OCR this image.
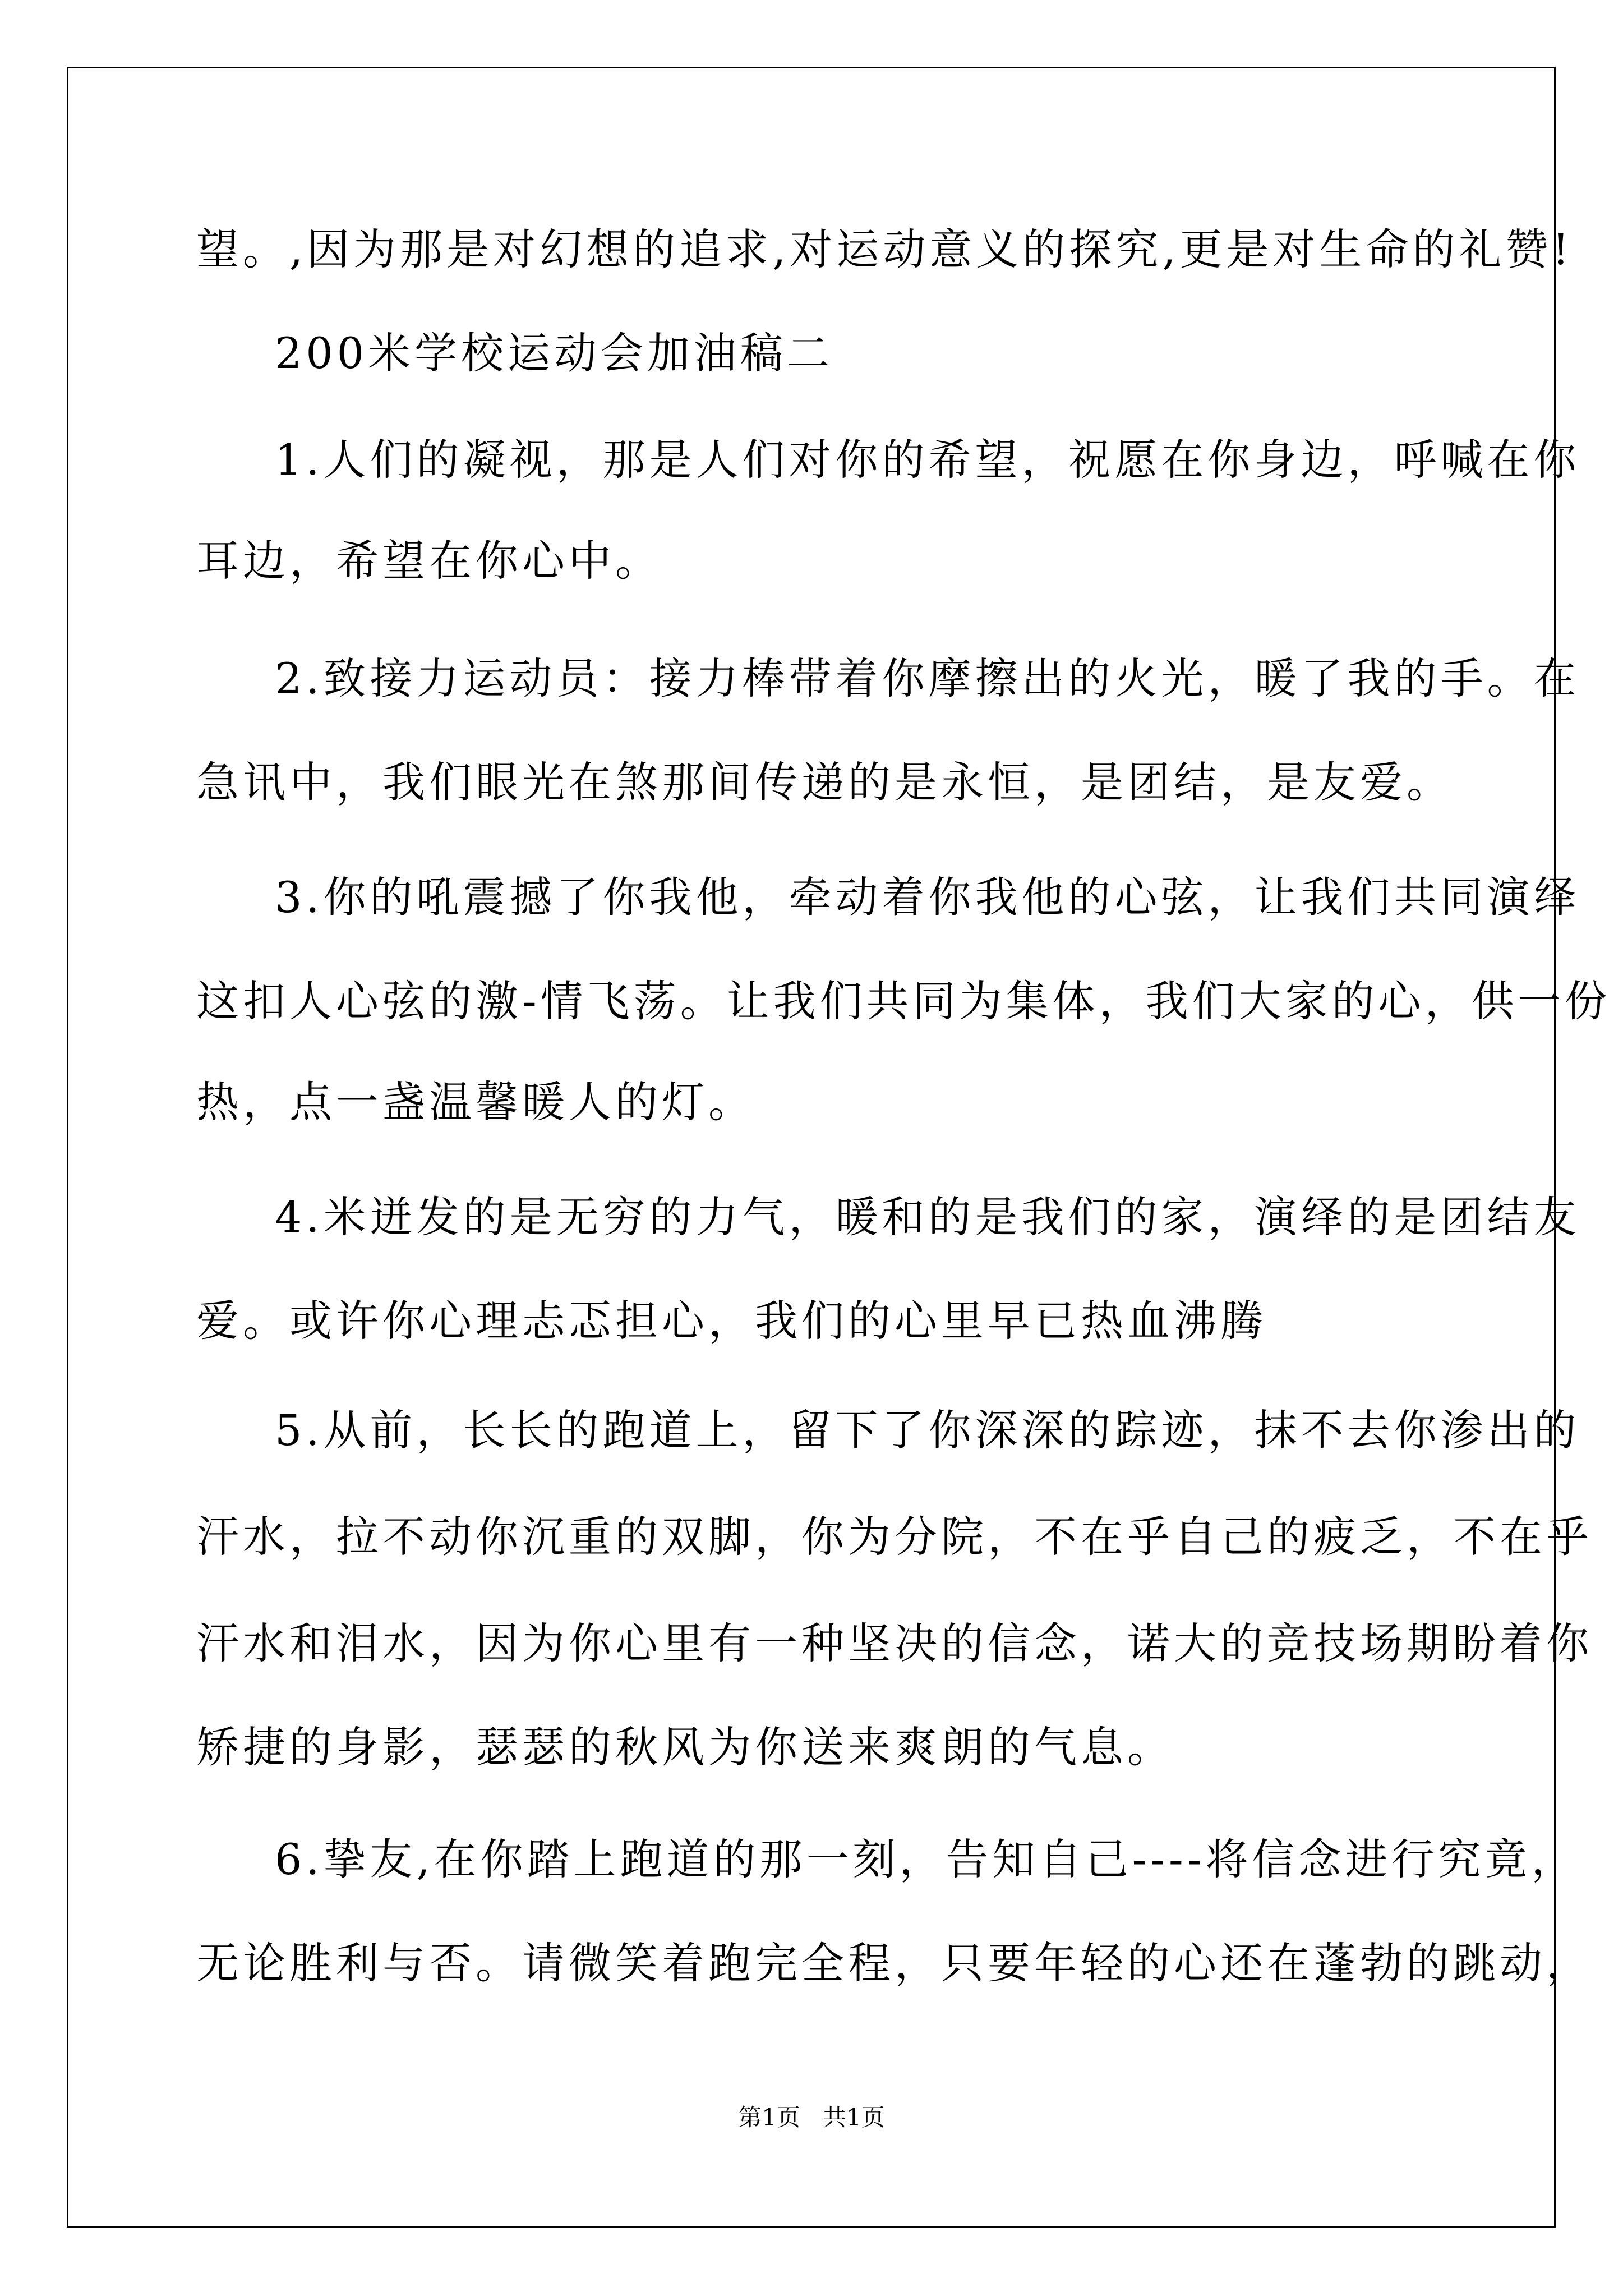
望。,因为那是对幻想的追求,对运动意义的探究,更是对生命的礼赞!
200米学校运动会加油稿二
1.人们的凝视，那是人们对你的希望，祝愿在你身边，呼喊在你
耳边，希望在你心中。
2.致接力运动员：接力棒带着你摩擦出的火光，暖了我的手。在
急讯中，我们眼光在煞那间传递的是永恒，是团结，是友爱。
3.你的吼震撼了你我他，牵动着你我他的心弦，让我们共同演绎
这扣人心弦的激-情飞荡。让我们共同为集体，我们大家的心，供一份
热，点一盏温馨暖人的灯。
4.米迸发的是无穷的力气，暖和的是我们的家，演绎的是团结友
爱。或许你心理忐忑担心，我们的心里早已热血沸腾
5.从前，长长的跑道上，留下了你深深的踪迹，抹不去你渗出的
汗水，拉不动你沉重的双脚，你为分院，不在乎自己的疲乏，不在乎
汗水和泪水，因为你心里有一种坚决的信念，诺大的竞技场期盼着你
矫捷的身影，瑟瑟的秋风为你送来爽朗的气息。
6.挚友,在你踏上跑道的那一刻，告知自己----将信念进行究竟，
无论胜利与否。请微笑着跑完全程，只要年轻的心还在蓬勃的跳动，
第1页   共1页
